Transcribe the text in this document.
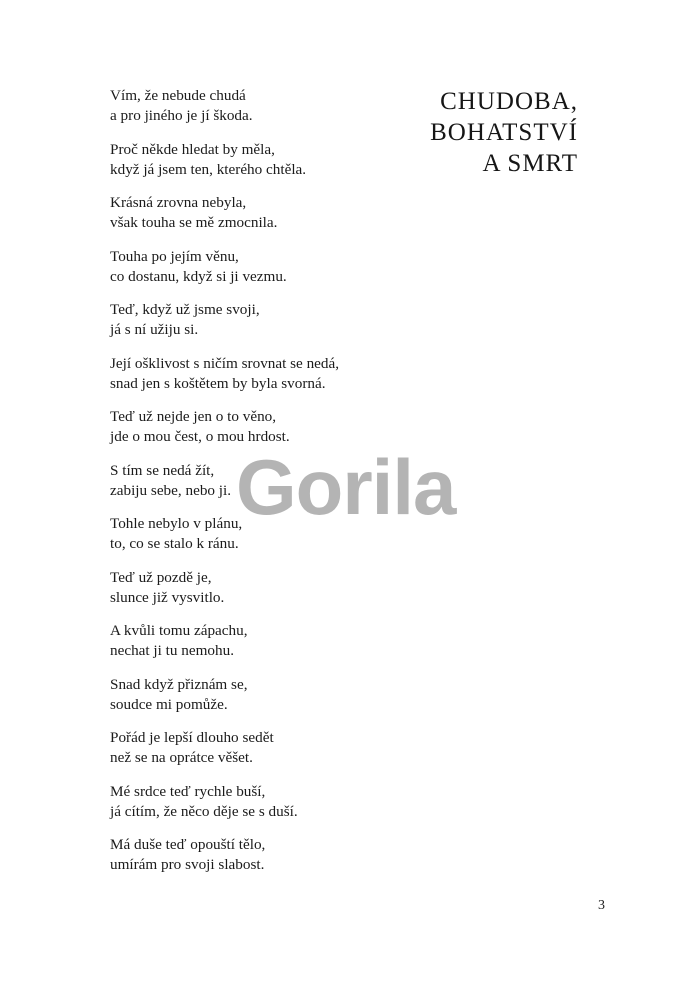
CHUDOBA,
BOHATSTVÍ
A SMRT
Vím, že nebude chudá
a pro jiného je jí škoda.
Proč někde hledat by měla,
když já jsem ten, kterého chtěla.
Krásná zrovna nebyla,
však touha se mě zmocnila.
Touha po jejím věnu,
co dostanu, když si ji vezmu.
Teď, když už jsme svoji,
já s ní užiju si.
Její ošklivost s ničím srovnat se nedá,
snad jen s koštětem by byla svorná.
Teď už nejde jen o to věno,
jde o mou čest, o mou hrdost.
S tím se nedá žít,
zabiju sebe, nebo ji.
Tohle nebylo v plánu,
to, co se stalo k ránu.
Teď už pozdě je,
slunce již vysvitlo.
A kvůli tomu zápachu,
nechat ji tu nemohu.
Snad když přiznám se,
soudce mi pomůže.
Pořád je lepší dlouho sedět
než se na oprátce věšet.
Mé srdce teď rychle buší,
já cítím, že něco děje se s duší.
Má duše teď opouští tělo,
umírám pro svoji slabost.
Gorila
3
